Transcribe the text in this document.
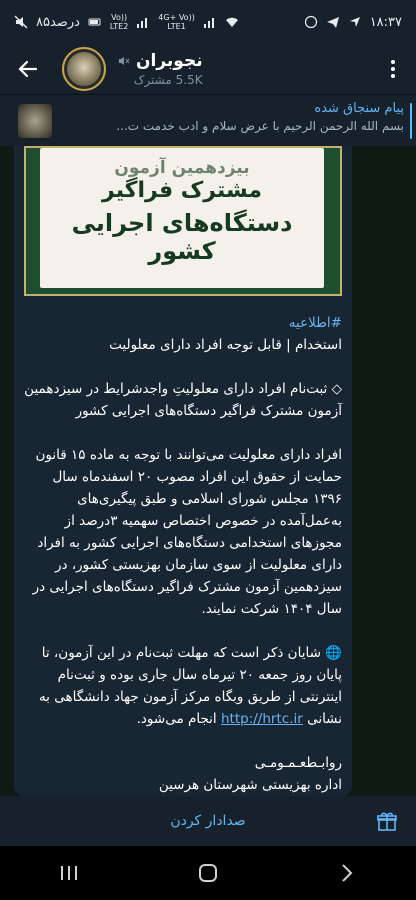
۸۵درصد	Vo))
LTE2
4G+ Vo))
LTE1	۱۸:۳۷
نجوبران
5.5K مشترک
پیام سنجاق شده
بسم الله الرحمن الرحیم با عرض سلام و ادب خدمت ت...
بیزدهمین آزمون
مشترک فراگیر
دستگاه‌های اجرایی کشور
#اطلاعیه
استخدام | قابل توجه افراد دارای معلولیت
◇ ثبت‌نام افراد دارای معلولیتِ واجدشرایط در سیزدهمین آزمون مشترک فراگیر دستگاه‌های اجرایی کشور
افراد دارای معلولیت می‌توانند با توجه به ماده ۱۵ قانون حمایت از حقوق این افراد مصوب ۲۰ اسفندماه سال ۱۳۹۶ مجلس شورای اسلامی و طبق پیگیری‌های به‌عمل‌آمده در خصوص اختصاص سهمیه ۳درصد از مجوزهای استخدامی دستگاه‌های اجرایی کشور به افراد دارای معلولیت از سوی سازمان بهزیستی کشور، در سیزدهمین آزمون مشترک فراگیر دستگاه‌های اجرایی در سال ۱۴۰۴ شرکت نمایند.
🌐 شایان ذکر است که مهلت ثبت‌نام در این آزمون، تا پایان روز جمعه ۲۰ تیرماه سال جاری بوده و ثبت‌نام اینترنتی از طریق وبگاه مرکز آزمون جهاد دانشگاهی به نشانی http://hrtc.ir انجام می‌شود.
روابـطعـمـومـی
اداره بهزیستی شهرستان هرسین
صدادار کردن
